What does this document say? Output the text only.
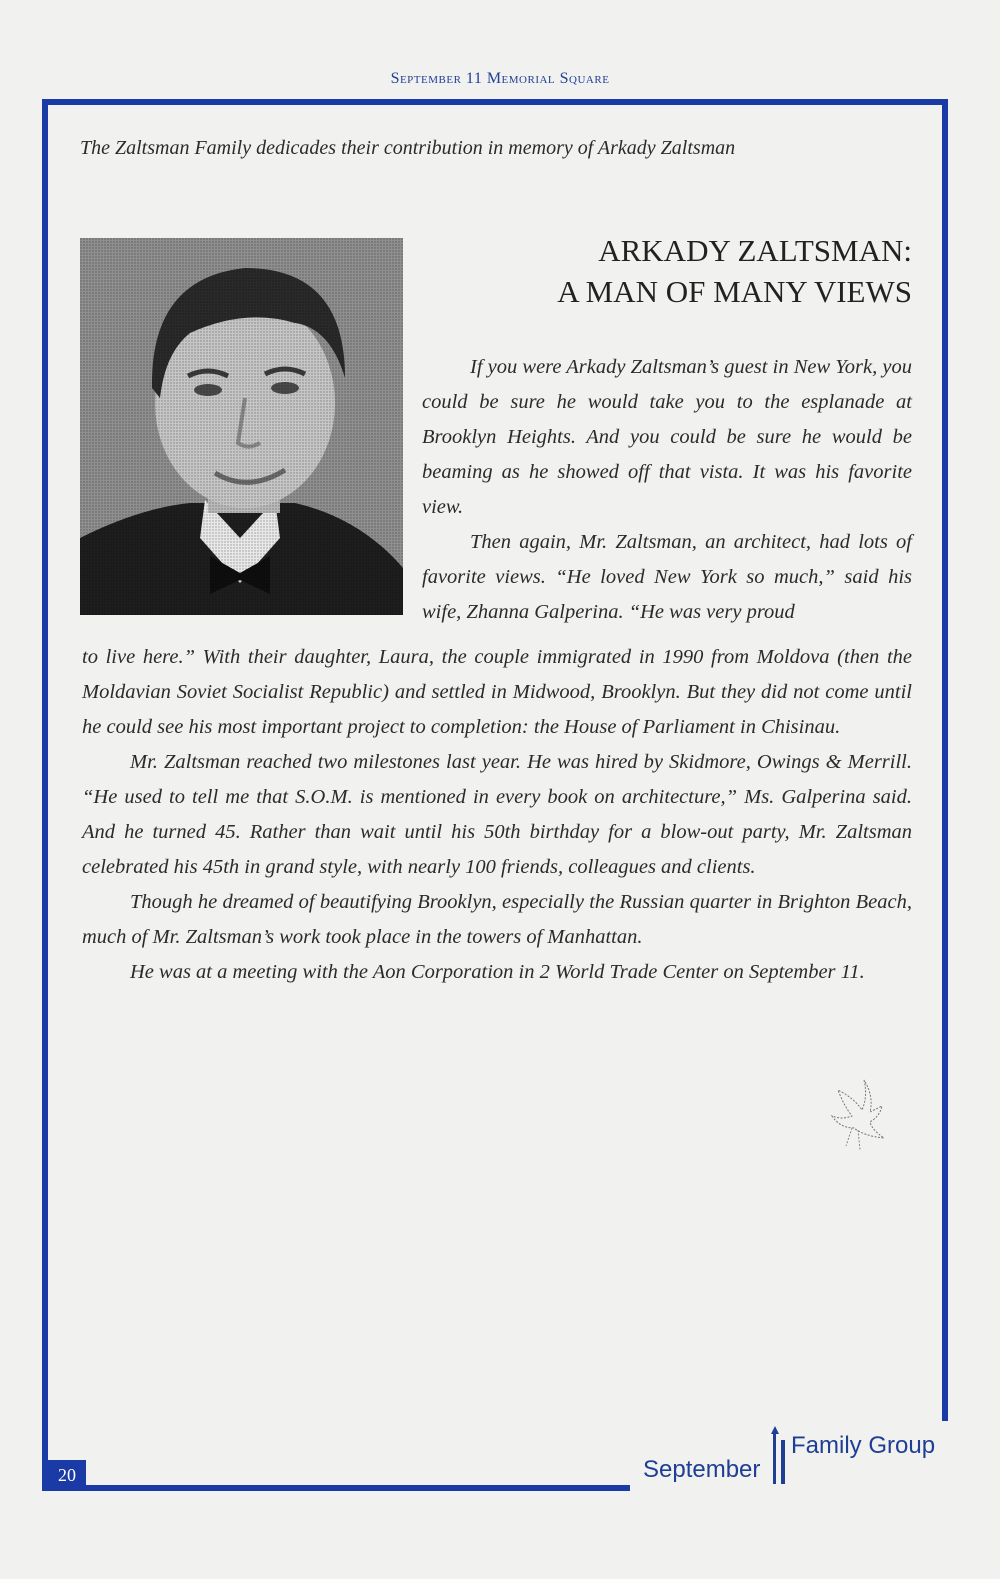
September 11 Memorial Square
The Zaltsman Family dedicades their contribution in memory of Arkady Zaltsman
ARKADY ZALTSMAN:
A MAN OF MANY VIEWS

If you were Arkady Zaltsman’s guest in New York, you could be sure he would take you to the esplanade at Brooklyn Heights. And you could be sure he would be beaming as he showed off that vista. It was his favorite view.

Then again, Mr. Zaltsman, an architect, had lots of favorite views. “He loved New York so much,” said his wife, Zhanna Galperina. “He was very proud

to live here.” With their daughter, Laura, the couple immigrated in 1990 from Moldova (then the Moldavian Soviet Socialist Republic) and settled in Midwood, Brooklyn. But they did not come until he could see his most important project to completion: the House of Parliament in Chisinau.

Mr. Zaltsman reached two milestones last year. He was hired by Skidmore, Owings & Merrill. “He used to tell me that S.O.M. is mentioned in every book on architecture,” Ms. Galperina said. And he turned 45. Rather than wait until his 50th birthday for a blow-out party, Mr. Zaltsman celebrated his 45th in grand style, with nearly 100 friends, colleagues and clients.

Though he dreamed of beautifying Brooklyn, especially the Russian quarter in Brighton Beach, much of Mr. Zaltsman’s work took place in the towers of Manhattan.

He was at a meeting with the Aon Corporation in 2 World Trade Center on September 11.

20	September
Family Group
